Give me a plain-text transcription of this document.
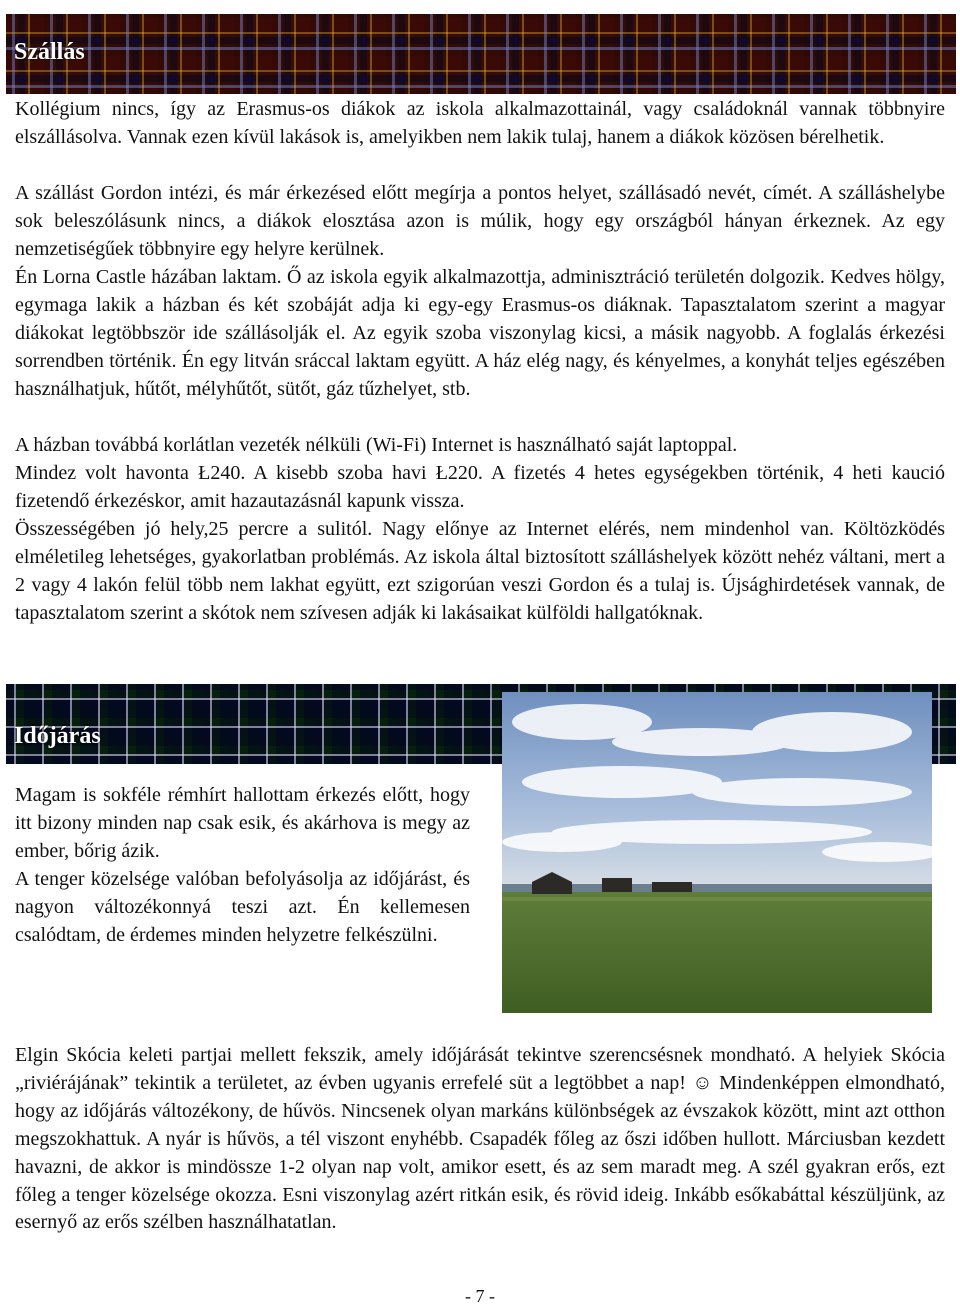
Szállás

Kollégium nincs, így az Erasmus-os diákok az iskola alkalmazottainál, vagy családoknál vannak többnyire elszállásolva. Vannak ezen kívül lakások is, amelyikben nem lakik tulaj, hanem a diákok közösen bérelhetik.

A szállást Gordon intézi, és már érkezésed előtt megírja a pontos helyet, szállásadó nevét, címét. A szálláshelybe sok beleszólásunk nincs, a diákok elosztása azon is múlik, hogy egy országból hányan érkeznek. Az egy nemzetiségűek többnyire egy helyre kerülnek.

Én Lorna Castle házában laktam. Ő az iskola egyik alkalmazottja, adminisztráció területén dolgozik. Kedves hölgy, egymaga lakik a házban és két szobáját adja ki egy-egy Erasmus-os diáknak. Tapasztalatom szerint a magyar diákokat legtöbbször ide szállásolják el. Az egyik szoba viszonylag kicsi, a másik nagyobb. A foglalás érkezési sorrendben történik. Én egy litván sráccal laktam együtt. A ház elég nagy, és kényelmes, a konyhát teljes egészében használhatjuk, hűtőt, mélyhűtőt, sütőt, gáz tűzhelyet, stb.

A házban továbbá korlátlan vezeték nélküli (Wi-Fi) Internet is használható saját laptoppal.

Mindez volt havonta Ł240. A kisebb szoba havi Ł220. A fizetés 4 hetes egységekben történik, 4 heti kaució fizetendő érkezéskor, amit hazautazásnál kapunk vissza.

Összességében jó hely,25 percre a sulitól. Nagy előnye az Internet elérés, nem mindenhol van. Költözködés elméletileg lehetséges, gyakorlatban problémás. Az iskola által biztosított szálláshelyek között nehéz váltani, mert a 2 vagy 4 lakón felül több nem lakhat együtt, ezt szigorúan veszi Gordon és a tulaj is. Újsághirdetések vannak, de tapasztalatom szerint a skótok nem szívesen adják ki lakásaikat külföldi hallgatóknak.

Időjárás
Magam is sokféle rémhírt hallottam érkezés előtt, hogy itt bizony minden nap csak esik, és akárhova is megy az ember, bőrig ázik.
A tenger közelsége valóban befolyásolja az időjárást, és nagyon változékonnyá teszi azt. Én kellemesen csalódtam, de érdemes minden helyzetre felkészülni.

Elgin Skócia keleti partjai mellett fekszik, amely időjárását tekintve szerencsésnek mondható. A helyiek Skócia „riviérájának” tekintik a területet, az évben ugyanis errefelé süt a legtöbbet a nap! ☺ Mindenképpen elmondható, hogy az időjárás változékony, de hűvös. Nincsenek olyan markáns különbségek az évszakok között, mint azt otthon megszokhattuk. A nyár is hűvös, a tél viszont enyhébb. Csapadék főleg az őszi időben hullott. Márciusban kezdett havazni, de akkor is mindössze 1-2 olyan nap volt, amikor esett, és az sem maradt meg. A szél gyakran erős, ezt főleg a tenger közelsége okozza. Esni viszonylag azért ritkán esik, és rövid ideig. Inkább esőkabáttal készüljünk, az esernyő az erős szélben használhatatlan.

- 7 -
